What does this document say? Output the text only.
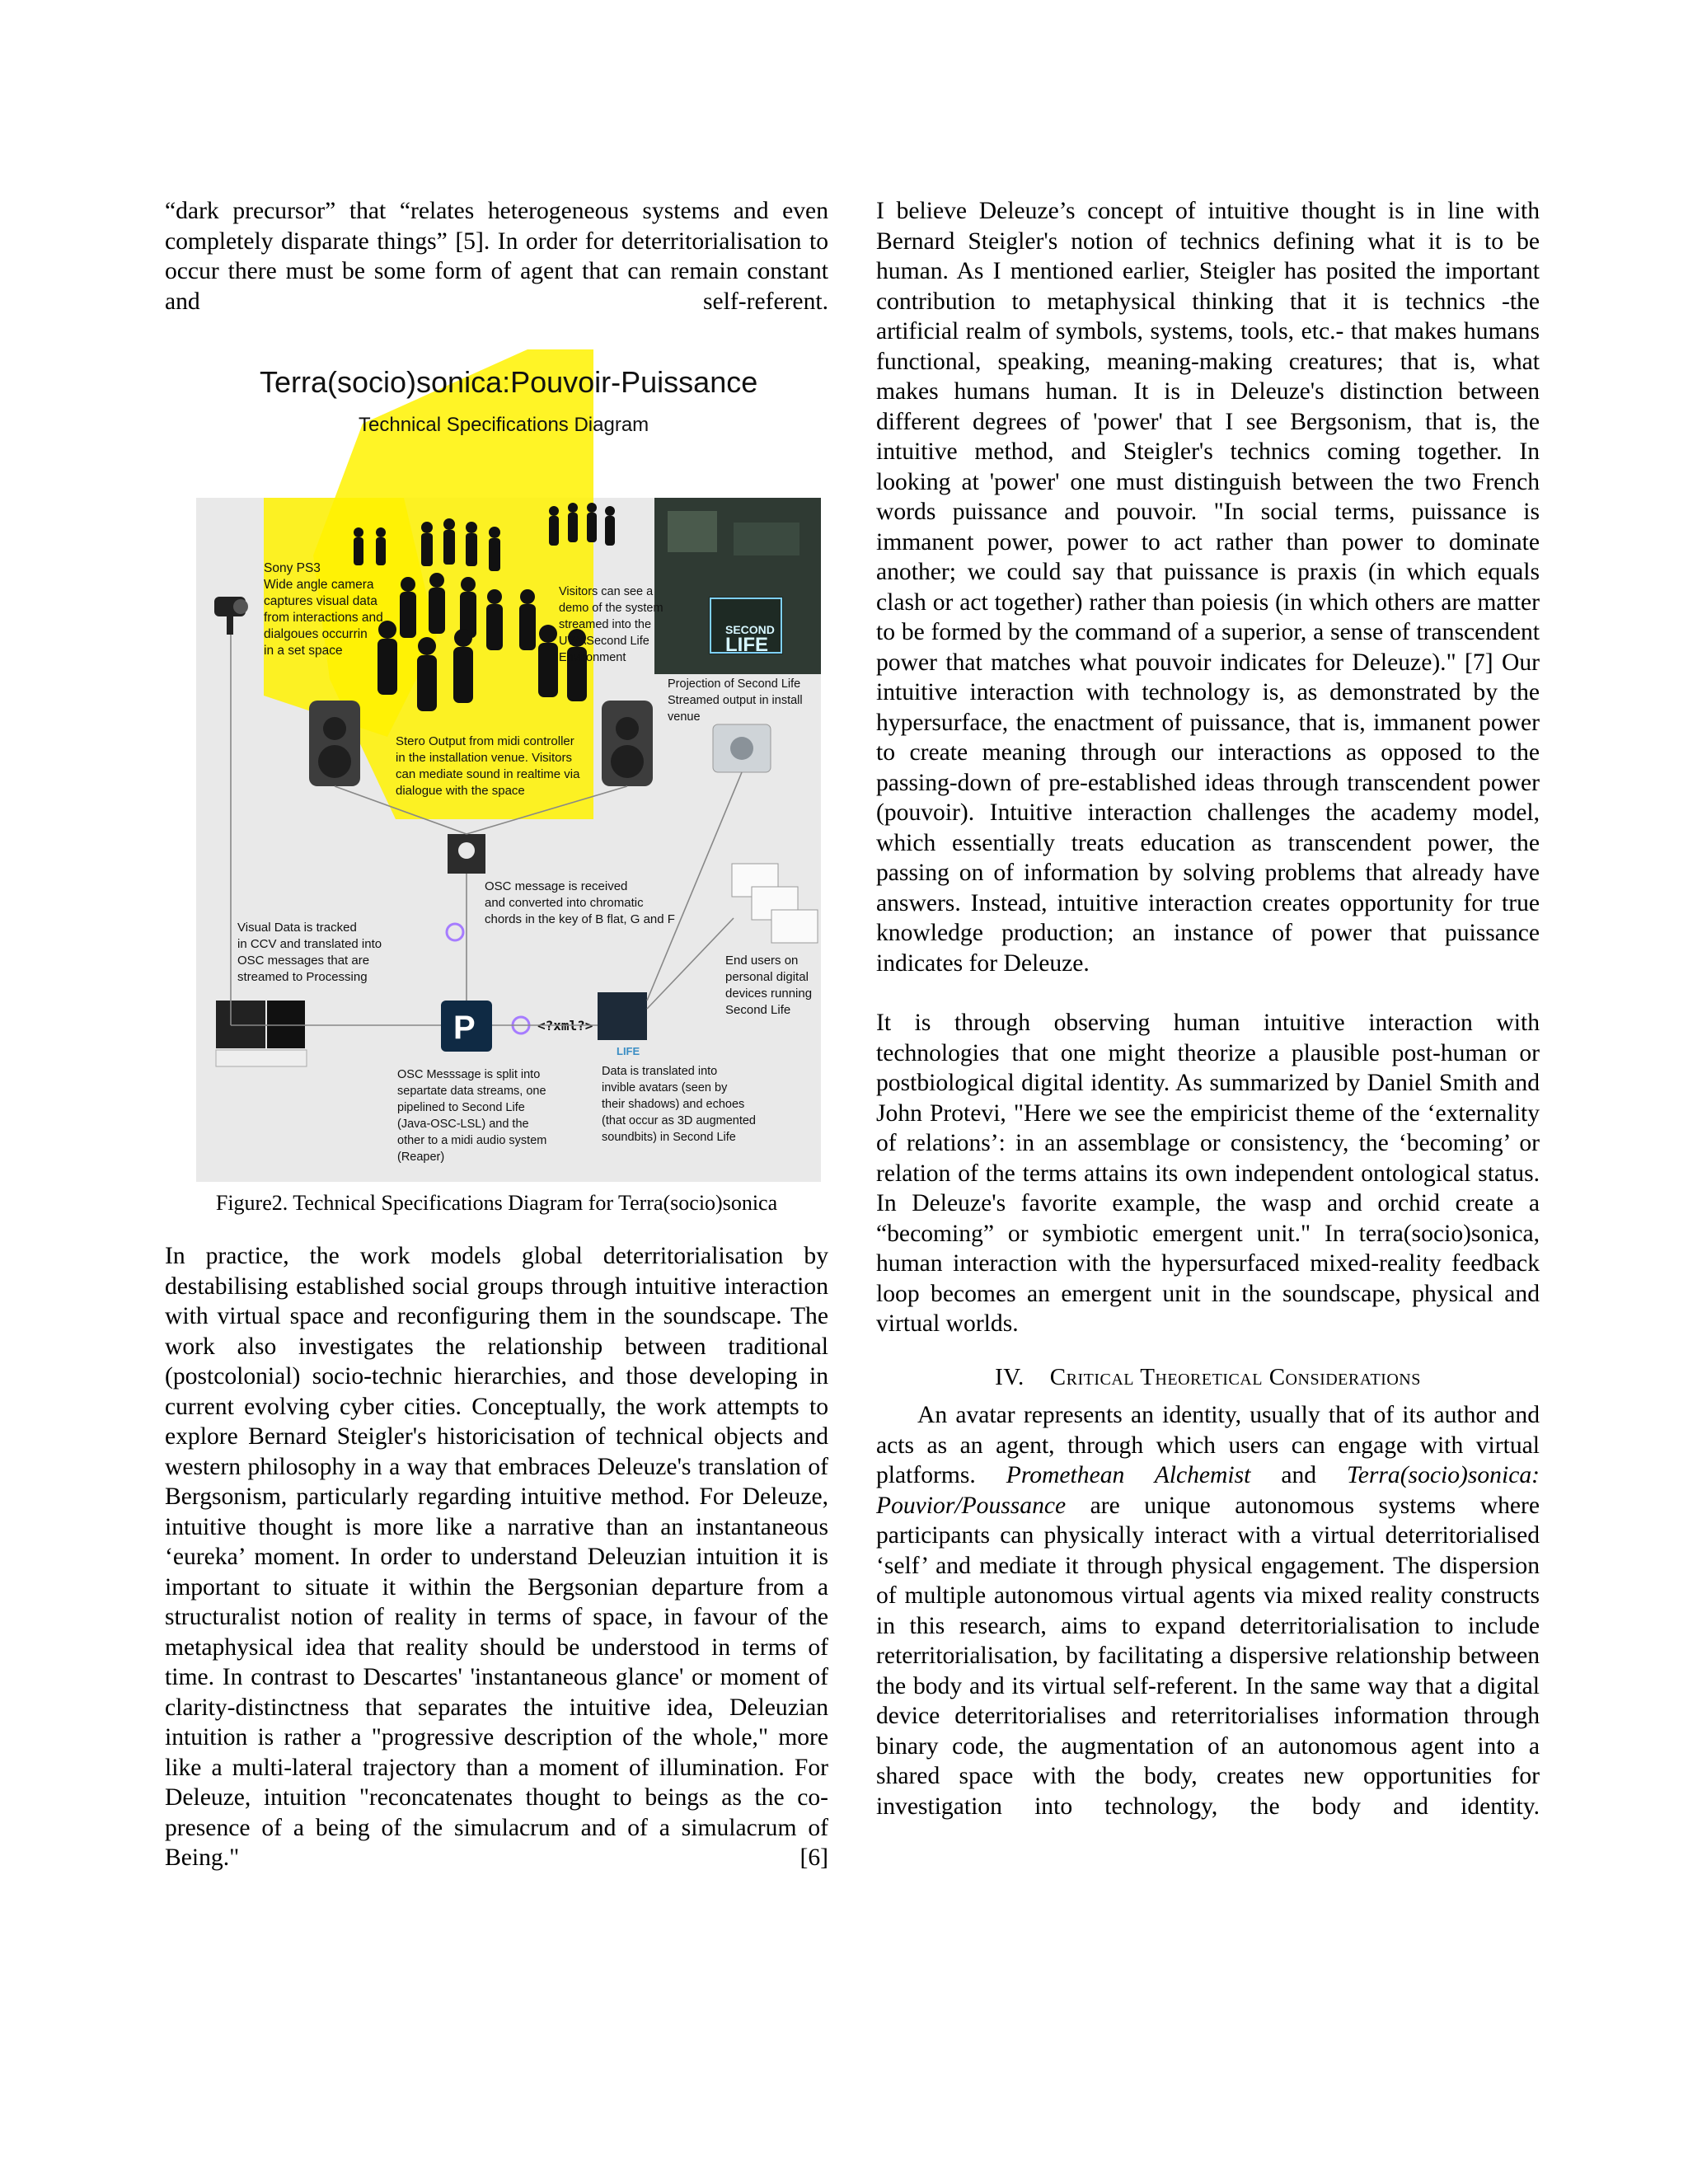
“dark precursor” that “relates heterogeneous systems and even completely disparate things” [5]. In order for deterritorialisation to occur there must be some form of agent that can remain constant and self-referent.

Terra(socio)sonica:Pouvoir-Puissance
Technical Specifications Diagram
P	<?xml?>
LIFE
Sony PS3 Wide angle camera captures visual data from interactions and dialgoues occurrin in a set space
Visitors can see a demo of the system streamed into the UWASecond Life Environment
Projection of Second Life Streamed output in install venue
Stero Output from midi controller in the installation venue. Visitors can mediate sound in realtime via dialogue with the space
OSC message is received and converted into chromatic chords in the key of B flat, G and F
Visual Data is tracked in CCV and translated into OSC messages that are streamed to Processing
End users on personal digital devices running Second Life
OSC Messsage is split into separtate data streams, one pipelined to Second Life (Java-OSC-LSL) and the other to a midi audio system (Reaper)
Data is translated into invible avatars (seen by their shadows) and echoes (that occur as 3D augmented soundbits) in Second Life
SECOND
LIFE
Figure2. Technical Specifications Diagram for Terra(socio)sonica

In practice, the work models global deterritorialisation by destabilising established social groups through intuitive interaction with virtual space and reconfiguring them in the soundscape. The work also investigates the relationship between traditional (postcolonial) socio-technic hierarchies, and those developing in current evolving cyber cities. Conceptually, the work attempts to explore Bernard Steigler's historicisation of technical objects and western philosophy in a way that embraces Deleuze's translation of Bergsonism, particularly regarding intuitive method. For Deleuze, intuitive thought is more like a narrative than an instantaneous ‘eureka’ moment. In order to understand Deleuzian intuition it is important to situate it within the Bergsonian departure from a structuralist notion of reality in terms of space, in favour of the metaphysical idea that reality should be understood in terms of time. In contrast to Descartes' 'instantaneous glance' or moment of clarity-distinctness that separates the intuitive idea, Deleuzian intuition is rather a "progressive description of the whole," more like a multi-lateral trajectory than a moment of illumination. For Deleuze, intuition "reconcatenates thought to beings as the co-presence of a being of the simulacrum and of a simulacrum of Being." [6]

I believe Deleuze’s concept of intuitive thought is in line with Bernard Steigler's notion of technics defining what it is to be human. As I mentioned earlier, Steigler has posited the important contribution to metaphysical thinking that it is technics -the artificial realm of symbols, systems, tools, etc.- that makes humans functional, speaking, meaning-making creatures; that is, what makes humans human. It is in Deleuze's distinction between different degrees of 'power' that I see Bergsonism, that is, the intuitive method, and Steigler's technics coming together. In looking at 'power' one must distinguish between the two French words puissance and pouvoir. "In social terms, puissance is immanent power, power to act rather than power to dominate another; we could say that puissance is praxis (in which equals clash or act together) rather than poiesis (in which others are matter to be formed by the command of a superior, a sense of transcendent power that matches what pouvoir indicates for Deleuze)." [7] Our intuitive interaction with technology is, as demonstrated by the hypersurface, the enactment of puissance, that is, immanent power to create meaning through our interactions as opposed to the passing-down of pre-established ideas through transcendent power (pouvoir). Intuitive interaction challenges the academy model, which essentially treats education as transcendent power, the passing on of information by solving problems that already have answers. Instead, intuitive interaction creates opportunity for true knowledge production; an instance of power that puissance indicates for Deleuze.

It is through observing human intuitive interaction with technologies that one might theorize a plausible post-human or postbiological digital identity. As summarized by Daniel Smith and John Protevi, "Here we see the empiricist theme of the ‘externality of relations’: in an assemblage or consistency, the ‘becoming’ or relation of the terms attains its own independent ontological status. In Deleuze's favorite example, the wasp and orchid create a “becoming” or symbiotic emergent unit." In terra(socio)sonica, human interaction with the hypersurfaced mixed-reality feedback loop becomes an emergent unit in the soundscape, physical and virtual worlds.

IV. Critical Theoretical Considerations

An avatar represents an identity, usually that of its author and acts as an agent, through which users can engage with virtual platforms. Promethean Alchemist and Terra(socio)sonica: Pouvior/Poussance are unique autonomous systems where participants can physically interact with a virtual deterritorialised ‘self’ and mediate it through physical engagement. The dispersion of multiple autonomous virtual agents via mixed reality constructs in this research, aims to expand deterritorialisation to include reterritorialisation, by facilitating a dispersive relationship between the body and its virtual self-referent. In the same way that a digital device deterritorialises and reterritorialises information through binary code, the augmentation of an autonomous agent into a shared space with the body, creates new opportunities for investigation into technology, the body and identity.
